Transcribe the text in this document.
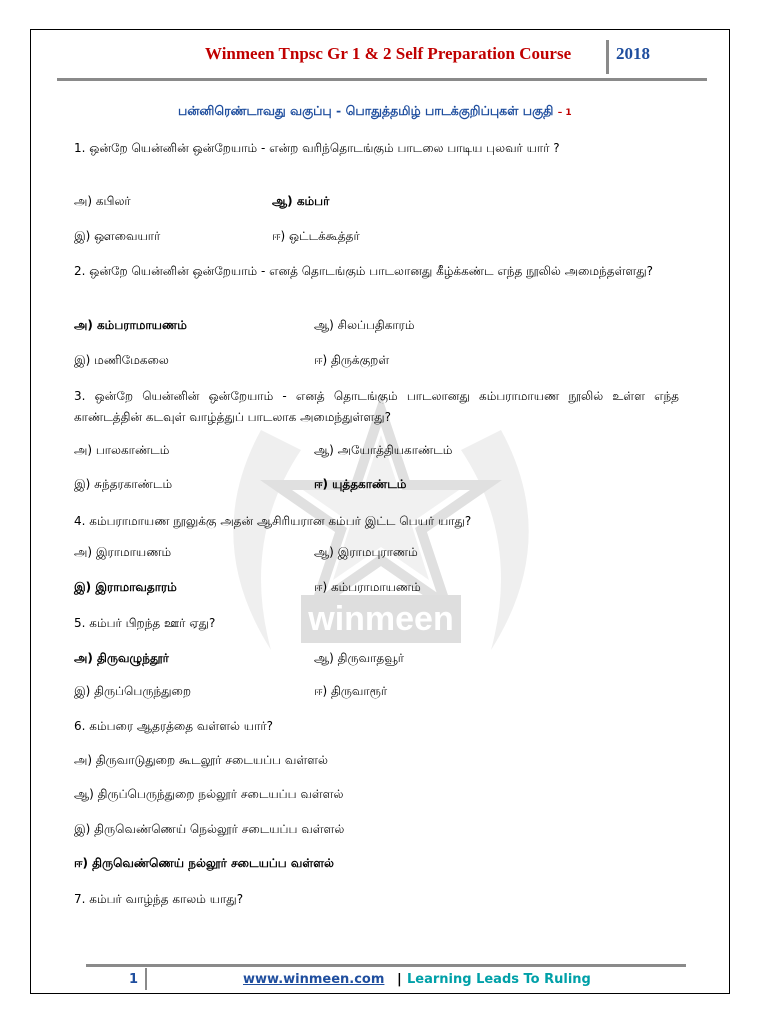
Winmeen Tnpsc Gr 1 & 2 Self Preparation Course	2018
winmeen
பன்னிரெண்டாவது வகுப்பு - பொதுத்தமிழ் பாடக்குறிப்புகள் பகுதி – 1
1. ஒன்றே யென்னின் ஒன்றேயாம் - என்ற வரிந்தொடங்கும் பாடலை பாடிய புலவர் யார் ?
அ) கபிலர்	ஆ) கம்பர்
இ) ஔவையார்	ஈ) ஒட்டக்கூத்தர்
2. ஒன்றே யென்னின் ஒன்றேயாம் - எனத் தொடங்கும் பாடலானது கீழ்க்கண்ட எந்த நூலில் அமைந்தள்ளது?
அ) கம்பராமாயணம்	ஆ) சிலப்பதிகாரம்
இ) மணிமேகலை	ஈ) திருக்குறள்
3. ஒன்றே யென்னின் ஒன்றேயாம் - எனத் தொடங்கும் பாடலானது கம்பராமாயண நூலில் உள்ள எந்த காண்டத்தின் கடவுள் வாழ்த்துப் பாடலாக அமைந்துள்ளது?
அ) பாலகாண்டம்	ஆ) அயோத்தியகாண்டம்
இ) சுந்தரகாண்டம்	ஈ) யுத்தகாண்டம்
4. கம்பராமாயண நூலுக்கு அதன் ஆசிரியரான கம்பர் இட்ட பெயர் யாது?
அ) இராமாயணம்	ஆ) இராமபுராணம்
இ) இராமாவதாரம்	ஈ) கம்பராமாயணம்
5. கம்பர் பிறந்த ஊர் ஏது?
அ) திருவழுந்தூர்	ஆ) திருவாதவூர்
இ) திருப்பெருந்துறை	ஈ) திருவாரூர்
6. கம்பரை ஆதரத்தை வள்ளல் யார்?
அ) திருவாடுதுறை கூடலூர் சடையப்ப வள்ளல்
ஆ) திருப்பெருந்துறை நல்லூர் சடையப்ப வள்ளல்
இ) திருவெண்ணெய் நெல்லூர் சடையப்ப வள்ளல்
ஈ) திருவெண்ணெய் நல்லூர் சடையப்ப வள்ளல்
7. கம்பர் வாழ்ந்த காலம் யாது?
1	www.winmeen.com | Learning Leads To Ruling
